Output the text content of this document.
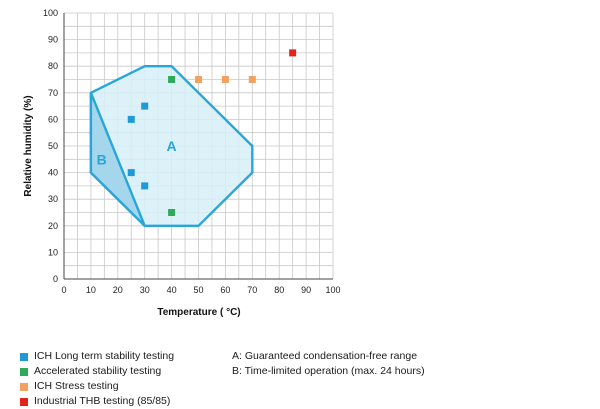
A
B
0 10 20 30 40 50 60 70 80 90 100
0
10
20
30
40
50
60
70
80
90
100
Temperature ( °C)
Relative humidity (%)
ICH Long term stability testing
Accelerated stability testing
ICH Stress testing
Industrial THB testing (85/85)
A: Guaranteed condensation-free range
B: Time-limited operation (max. 24 hours)
